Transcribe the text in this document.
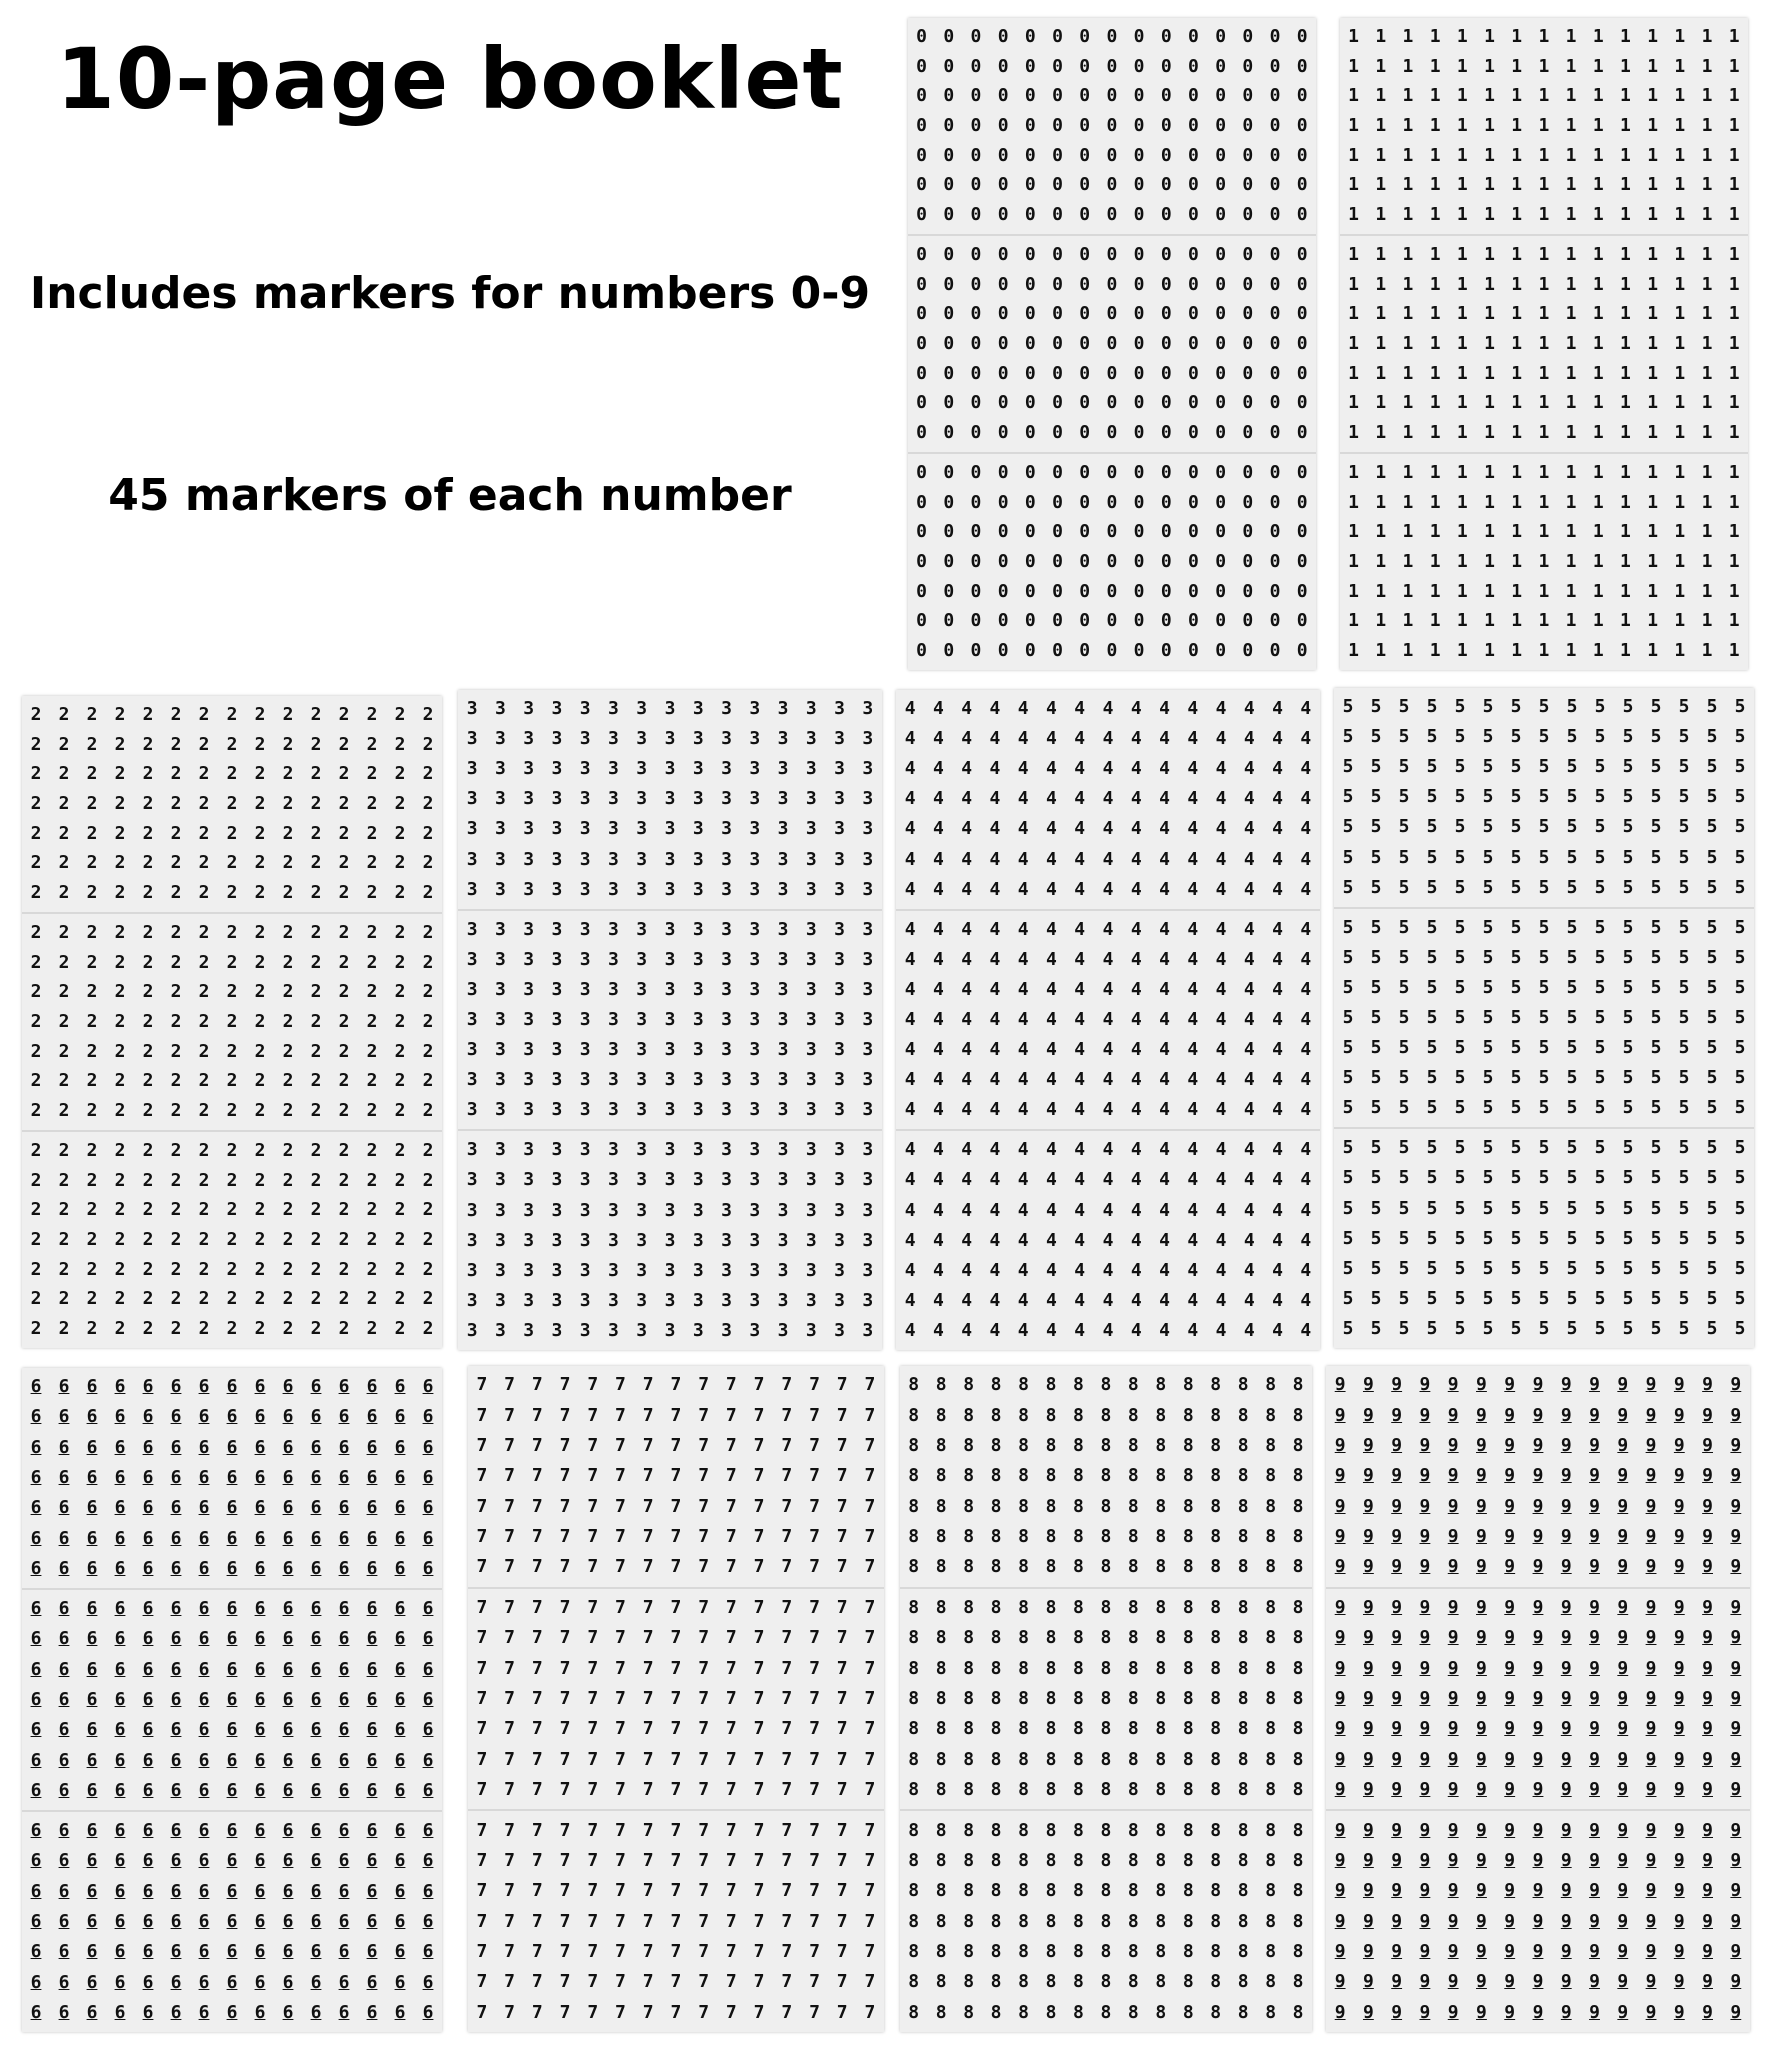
10-page booklet
Includes markers for numbers 0-9
45 markers of each number
0 0 0 0 0 0 0 0 0 0 0 0 0 0 0
0 0 0 0 0 0 0 0 0 0 0 0 0 0 0
0 0 0 0 0 0 0 0 0 0 0 0 0 0 0
0 0 0 0 0 0 0 0 0 0 0 0 0 0 0
0 0 0 0 0 0 0 0 0 0 0 0 0 0 0
0 0 0 0 0 0 0 0 0 0 0 0 0 0 0
0 0 0 0 0 0 0 0 0 0 0 0 0 0 0
0 0 0 0 0 0 0 0 0 0 0 0 0 0 0
0 0 0 0 0 0 0 0 0 0 0 0 0 0 0
0 0 0 0 0 0 0 0 0 0 0 0 0 0 0
0 0 0 0 0 0 0 0 0 0 0 0 0 0 0
0 0 0 0 0 0 0 0 0 0 0 0 0 0 0
0 0 0 0 0 0 0 0 0 0 0 0 0 0 0
0 0 0 0 0 0 0 0 0 0 0 0 0 0 0
0 0 0 0 0 0 0 0 0 0 0 0 0 0 0
0 0 0 0 0 0 0 0 0 0 0 0 0 0 0
0 0 0 0 0 0 0 0 0 0 0 0 0 0 0
0 0 0 0 0 0 0 0 0 0 0 0 0 0 0
0 0 0 0 0 0 0 0 0 0 0 0 0 0 0
0 0 0 0 0 0 0 0 0 0 0 0 0 0 0
0 0 0 0 0 0 0 0 0 0 0 0 0 0 0
1 1 1 1 1 1 1 1 1 1 1 1 1 1 1
1 1 1 1 1 1 1 1 1 1 1 1 1 1 1
1 1 1 1 1 1 1 1 1 1 1 1 1 1 1
1 1 1 1 1 1 1 1 1 1 1 1 1 1 1
1 1 1 1 1 1 1 1 1 1 1 1 1 1 1
1 1 1 1 1 1 1 1 1 1 1 1 1 1 1
1 1 1 1 1 1 1 1 1 1 1 1 1 1 1
1 1 1 1 1 1 1 1 1 1 1 1 1 1 1
1 1 1 1 1 1 1 1 1 1 1 1 1 1 1
1 1 1 1 1 1 1 1 1 1 1 1 1 1 1
1 1 1 1 1 1 1 1 1 1 1 1 1 1 1
1 1 1 1 1 1 1 1 1 1 1 1 1 1 1
1 1 1 1 1 1 1 1 1 1 1 1 1 1 1
1 1 1 1 1 1 1 1 1 1 1 1 1 1 1
1 1 1 1 1 1 1 1 1 1 1 1 1 1 1
1 1 1 1 1 1 1 1 1 1 1 1 1 1 1
1 1 1 1 1 1 1 1 1 1 1 1 1 1 1
1 1 1 1 1 1 1 1 1 1 1 1 1 1 1
1 1 1 1 1 1 1 1 1 1 1 1 1 1 1
1 1 1 1 1 1 1 1 1 1 1 1 1 1 1
1 1 1 1 1 1 1 1 1 1 1 1 1 1 1
2 2 2 2 2 2 2 2 2 2 2 2 2 2 2
2 2 2 2 2 2 2 2 2 2 2 2 2 2 2
2 2 2 2 2 2 2 2 2 2 2 2 2 2 2
2 2 2 2 2 2 2 2 2 2 2 2 2 2 2
2 2 2 2 2 2 2 2 2 2 2 2 2 2 2
2 2 2 2 2 2 2 2 2 2 2 2 2 2 2
2 2 2 2 2 2 2 2 2 2 2 2 2 2 2
2 2 2 2 2 2 2 2 2 2 2 2 2 2 2
2 2 2 2 2 2 2 2 2 2 2 2 2 2 2
2 2 2 2 2 2 2 2 2 2 2 2 2 2 2
2 2 2 2 2 2 2 2 2 2 2 2 2 2 2
2 2 2 2 2 2 2 2 2 2 2 2 2 2 2
2 2 2 2 2 2 2 2 2 2 2 2 2 2 2
2 2 2 2 2 2 2 2 2 2 2 2 2 2 2
2 2 2 2 2 2 2 2 2 2 2 2 2 2 2
2 2 2 2 2 2 2 2 2 2 2 2 2 2 2
2 2 2 2 2 2 2 2 2 2 2 2 2 2 2
2 2 2 2 2 2 2 2 2 2 2 2 2 2 2
2 2 2 2 2 2 2 2 2 2 2 2 2 2 2
2 2 2 2 2 2 2 2 2 2 2 2 2 2 2
2 2 2 2 2 2 2 2 2 2 2 2 2 2 2
3 3 3 3 3 3 3 3 3 3 3 3 3 3 3
3 3 3 3 3 3 3 3 3 3 3 3 3 3 3
3 3 3 3 3 3 3 3 3 3 3 3 3 3 3
3 3 3 3 3 3 3 3 3 3 3 3 3 3 3
3 3 3 3 3 3 3 3 3 3 3 3 3 3 3
3 3 3 3 3 3 3 3 3 3 3 3 3 3 3
3 3 3 3 3 3 3 3 3 3 3 3 3 3 3
3 3 3 3 3 3 3 3 3 3 3 3 3 3 3
3 3 3 3 3 3 3 3 3 3 3 3 3 3 3
3 3 3 3 3 3 3 3 3 3 3 3 3 3 3
3 3 3 3 3 3 3 3 3 3 3 3 3 3 3
3 3 3 3 3 3 3 3 3 3 3 3 3 3 3
3 3 3 3 3 3 3 3 3 3 3 3 3 3 3
3 3 3 3 3 3 3 3 3 3 3 3 3 3 3
3 3 3 3 3 3 3 3 3 3 3 3 3 3 3
3 3 3 3 3 3 3 3 3 3 3 3 3 3 3
3 3 3 3 3 3 3 3 3 3 3 3 3 3 3
3 3 3 3 3 3 3 3 3 3 3 3 3 3 3
3 3 3 3 3 3 3 3 3 3 3 3 3 3 3
3 3 3 3 3 3 3 3 3 3 3 3 3 3 3
3 3 3 3 3 3 3 3 3 3 3 3 3 3 3
4 4 4 4 4 4 4 4 4 4 4 4 4 4 4
4 4 4 4 4 4 4 4 4 4 4 4 4 4 4
4 4 4 4 4 4 4 4 4 4 4 4 4 4 4
4 4 4 4 4 4 4 4 4 4 4 4 4 4 4
4 4 4 4 4 4 4 4 4 4 4 4 4 4 4
4 4 4 4 4 4 4 4 4 4 4 4 4 4 4
4 4 4 4 4 4 4 4 4 4 4 4 4 4 4
4 4 4 4 4 4 4 4 4 4 4 4 4 4 4
4 4 4 4 4 4 4 4 4 4 4 4 4 4 4
4 4 4 4 4 4 4 4 4 4 4 4 4 4 4
4 4 4 4 4 4 4 4 4 4 4 4 4 4 4
4 4 4 4 4 4 4 4 4 4 4 4 4 4 4
4 4 4 4 4 4 4 4 4 4 4 4 4 4 4
4 4 4 4 4 4 4 4 4 4 4 4 4 4 4
4 4 4 4 4 4 4 4 4 4 4 4 4 4 4
4 4 4 4 4 4 4 4 4 4 4 4 4 4 4
4 4 4 4 4 4 4 4 4 4 4 4 4 4 4
4 4 4 4 4 4 4 4 4 4 4 4 4 4 4
4 4 4 4 4 4 4 4 4 4 4 4 4 4 4
4 4 4 4 4 4 4 4 4 4 4 4 4 4 4
4 4 4 4 4 4 4 4 4 4 4 4 4 4 4
5 5 5 5 5 5 5 5 5 5 5 5 5 5 5
5 5 5 5 5 5 5 5 5 5 5 5 5 5 5
5 5 5 5 5 5 5 5 5 5 5 5 5 5 5
5 5 5 5 5 5 5 5 5 5 5 5 5 5 5
5 5 5 5 5 5 5 5 5 5 5 5 5 5 5
5 5 5 5 5 5 5 5 5 5 5 5 5 5 5
5 5 5 5 5 5 5 5 5 5 5 5 5 5 5
5 5 5 5 5 5 5 5 5 5 5 5 5 5 5
5 5 5 5 5 5 5 5 5 5 5 5 5 5 5
5 5 5 5 5 5 5 5 5 5 5 5 5 5 5
5 5 5 5 5 5 5 5 5 5 5 5 5 5 5
5 5 5 5 5 5 5 5 5 5 5 5 5 5 5
5 5 5 5 5 5 5 5 5 5 5 5 5 5 5
5 5 5 5 5 5 5 5 5 5 5 5 5 5 5
5 5 5 5 5 5 5 5 5 5 5 5 5 5 5
5 5 5 5 5 5 5 5 5 5 5 5 5 5 5
5 5 5 5 5 5 5 5 5 5 5 5 5 5 5
5 5 5 5 5 5 5 5 5 5 5 5 5 5 5
5 5 5 5 5 5 5 5 5 5 5 5 5 5 5
5 5 5 5 5 5 5 5 5 5 5 5 5 5 5
5 5 5 5 5 5 5 5 5 5 5 5 5 5 5
6 6 6 6 6 6 6 6 6 6 6 6 6 6 6
6 6 6 6 6 6 6 6 6 6 6 6 6 6 6
6 6 6 6 6 6 6 6 6 6 6 6 6 6 6
6 6 6 6 6 6 6 6 6 6 6 6 6 6 6
6 6 6 6 6 6 6 6 6 6 6 6 6 6 6
6 6 6 6 6 6 6 6 6 6 6 6 6 6 6
6 6 6 6 6 6 6 6 6 6 6 6 6 6 6
6 6 6 6 6 6 6 6 6 6 6 6 6 6 6
6 6 6 6 6 6 6 6 6 6 6 6 6 6 6
6 6 6 6 6 6 6 6 6 6 6 6 6 6 6
6 6 6 6 6 6 6 6 6 6 6 6 6 6 6
6 6 6 6 6 6 6 6 6 6 6 6 6 6 6
6 6 6 6 6 6 6 6 6 6 6 6 6 6 6
6 6 6 6 6 6 6 6 6 6 6 6 6 6 6
6 6 6 6 6 6 6 6 6 6 6 6 6 6 6
6 6 6 6 6 6 6 6 6 6 6 6 6 6 6
6 6 6 6 6 6 6 6 6 6 6 6 6 6 6
6 6 6 6 6 6 6 6 6 6 6 6 6 6 6
6 6 6 6 6 6 6 6 6 6 6 6 6 6 6
6 6 6 6 6 6 6 6 6 6 6 6 6 6 6
6 6 6 6 6 6 6 6 6 6 6 6 6 6 6
7 7 7 7 7 7 7 7 7 7 7 7 7 7 7
7 7 7 7 7 7 7 7 7 7 7 7 7 7 7
7 7 7 7 7 7 7 7 7 7 7 7 7 7 7
7 7 7 7 7 7 7 7 7 7 7 7 7 7 7
7 7 7 7 7 7 7 7 7 7 7 7 7 7 7
7 7 7 7 7 7 7 7 7 7 7 7 7 7 7
7 7 7 7 7 7 7 7 7 7 7 7 7 7 7
7 7 7 7 7 7 7 7 7 7 7 7 7 7 7
7 7 7 7 7 7 7 7 7 7 7 7 7 7 7
7 7 7 7 7 7 7 7 7 7 7 7 7 7 7
7 7 7 7 7 7 7 7 7 7 7 7 7 7 7
7 7 7 7 7 7 7 7 7 7 7 7 7 7 7
7 7 7 7 7 7 7 7 7 7 7 7 7 7 7
7 7 7 7 7 7 7 7 7 7 7 7 7 7 7
7 7 7 7 7 7 7 7 7 7 7 7 7 7 7
7 7 7 7 7 7 7 7 7 7 7 7 7 7 7
7 7 7 7 7 7 7 7 7 7 7 7 7 7 7
7 7 7 7 7 7 7 7 7 7 7 7 7 7 7
7 7 7 7 7 7 7 7 7 7 7 7 7 7 7
7 7 7 7 7 7 7 7 7 7 7 7 7 7 7
7 7 7 7 7 7 7 7 7 7 7 7 7 7 7
8 8 8 8 8 8 8 8 8 8 8 8 8 8 8
8 8 8 8 8 8 8 8 8 8 8 8 8 8 8
8 8 8 8 8 8 8 8 8 8 8 8 8 8 8
8 8 8 8 8 8 8 8 8 8 8 8 8 8 8
8 8 8 8 8 8 8 8 8 8 8 8 8 8 8
8 8 8 8 8 8 8 8 8 8 8 8 8 8 8
8 8 8 8 8 8 8 8 8 8 8 8 8 8 8
8 8 8 8 8 8 8 8 8 8 8 8 8 8 8
8 8 8 8 8 8 8 8 8 8 8 8 8 8 8
8 8 8 8 8 8 8 8 8 8 8 8 8 8 8
8 8 8 8 8 8 8 8 8 8 8 8 8 8 8
8 8 8 8 8 8 8 8 8 8 8 8 8 8 8
8 8 8 8 8 8 8 8 8 8 8 8 8 8 8
8 8 8 8 8 8 8 8 8 8 8 8 8 8 8
8 8 8 8 8 8 8 8 8 8 8 8 8 8 8
8 8 8 8 8 8 8 8 8 8 8 8 8 8 8
8 8 8 8 8 8 8 8 8 8 8 8 8 8 8
8 8 8 8 8 8 8 8 8 8 8 8 8 8 8
8 8 8 8 8 8 8 8 8 8 8 8 8 8 8
8 8 8 8 8 8 8 8 8 8 8 8 8 8 8
8 8 8 8 8 8 8 8 8 8 8 8 8 8 8
9 9 9 9 9 9 9 9 9 9 9 9 9 9 9
9 9 9 9 9 9 9 9 9 9 9 9 9 9 9
9 9 9 9 9 9 9 9 9 9 9 9 9 9 9
9 9 9 9 9 9 9 9 9 9 9 9 9 9 9
9 9 9 9 9 9 9 9 9 9 9 9 9 9 9
9 9 9 9 9 9 9 9 9 9 9 9 9 9 9
9 9 9 9 9 9 9 9 9 9 9 9 9 9 9
9 9 9 9 9 9 9 9 9 9 9 9 9 9 9
9 9 9 9 9 9 9 9 9 9 9 9 9 9 9
9 9 9 9 9 9 9 9 9 9 9 9 9 9 9
9 9 9 9 9 9 9 9 9 9 9 9 9 9 9
9 9 9 9 9 9 9 9 9 9 9 9 9 9 9
9 9 9 9 9 9 9 9 9 9 9 9 9 9 9
9 9 9 9 9 9 9 9 9 9 9 9 9 9 9
9 9 9 9 9 9 9 9 9 9 9 9 9 9 9
9 9 9 9 9 9 9 9 9 9 9 9 9 9 9
9 9 9 9 9 9 9 9 9 9 9 9 9 9 9
9 9 9 9 9 9 9 9 9 9 9 9 9 9 9
9 9 9 9 9 9 9 9 9 9 9 9 9 9 9
9 9 9 9 9 9 9 9 9 9 9 9 9 9 9
9 9 9 9 9 9 9 9 9 9 9 9 9 9 9
